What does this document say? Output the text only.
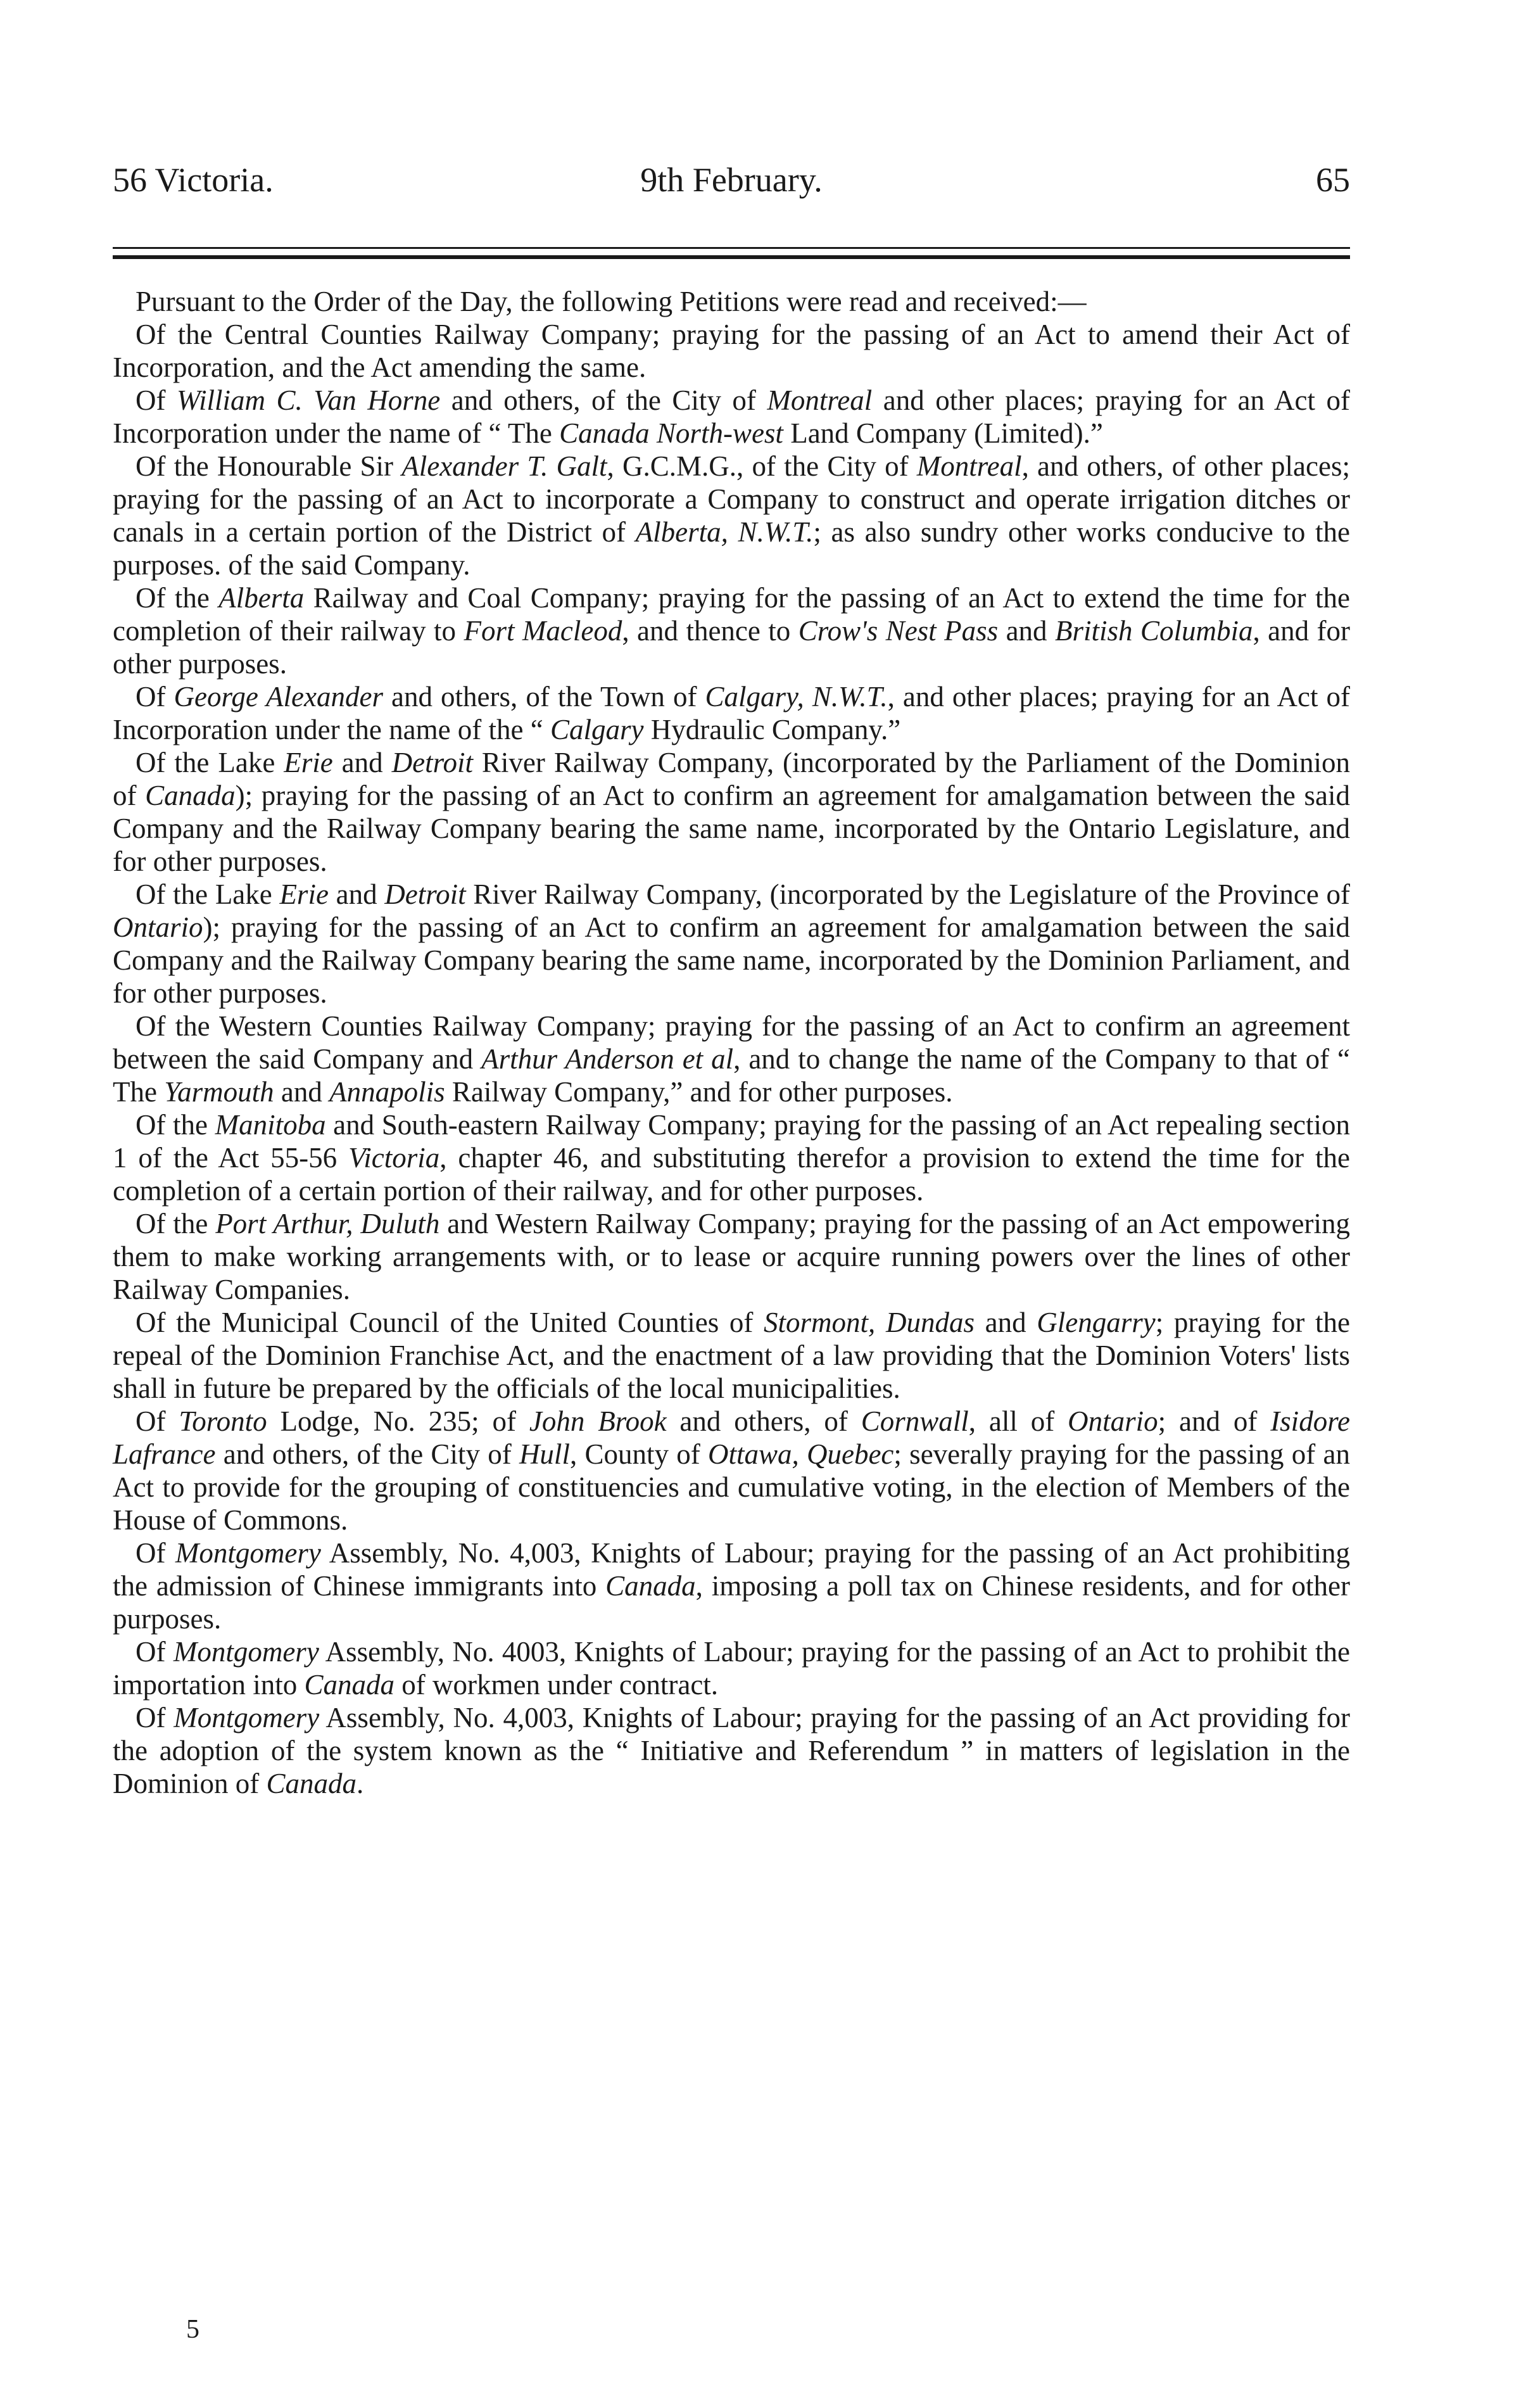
56 Victoria.	9th February.	65

Pursuant to the Order of the Day, the following Petitions were read and received:—

Of the Central Counties Railway Company; praying for the passing of an Act to amend their Act of Incorporation, and the Act amending the same.

Of William C. Van Horne and others, of the City of Montreal and other places; praying for an Act of Incorporation under the name of “ The Canada North-west Land Company (Limited).”

Of the Honourable Sir Alexander T. Galt, G.C.M.G., of the City of Montreal, and others, of other places; praying for the passing of an Act to incorporate a Company to construct and operate irrigation ditches or canals in a certain portion of the District of Alberta, N.W.T.; as also sundry other works conducive to the purposes. of the said Company.

Of the Alberta Railway and Coal Company; praying for the passing of an Act to extend the time for the completion of their railway to Fort Macleod, and thence to Crow's Nest Pass and British Columbia, and for other purposes.

Of George Alexander and others, of the Town of Calgary, N.W.T., and other places; praying for an Act of Incorporation under the name of the “ Calgary Hydraulic Company.”

Of the Lake Erie and Detroit River Railway Company, (incorporated by the Parliament of the Dominion of Canada); praying for the passing of an Act to confirm an agreement for amalgamation between the said Company and the Railway Company bearing the same name, incorporated by the Ontario Legislature, and for other purposes.

Of the Lake Erie and Detroit River Railway Company, (incorporated by the Legislature of the Province of Ontario); praying for the passing of an Act to confirm an agreement for amalgamation between the said Company and the Railway Company bearing the same name, incorporated by the Dominion Parliament, and for other purposes.

Of the Western Counties Railway Company; praying for the passing of an Act to confirm an agreement between the said Company and Arthur Anderson et al, and to change the name of the Company to that of “ The Yarmouth and Annapolis Railway Company,” and for other purposes.

Of the Manitoba and South-eastern Railway Company; praying for the passing of an Act repealing section 1 of the Act 55-56 Victoria, chapter 46, and substituting therefor a provision to extend the time for the completion of a certain portion of their railway, and for other purposes.

Of the Port Arthur, Duluth and Western Railway Company; praying for the passing of an Act empowering them to make working arrangements with, or to lease or acquire running powers over the lines of other Railway Companies.

Of the Municipal Council of the United Counties of Stormont, Dundas and Glengarry; praying for the repeal of the Dominion Franchise Act, and the enactment of a law providing that the Dominion Voters' lists shall in future be prepared by the officials of the local municipalities.

Of Toronto Lodge, No. 235; of John Brook and others, of Cornwall, all of Ontario; and of Isidore Lafrance and others, of the City of Hull, County of Ottawa, Quebec; severally praying for the passing of an Act to provide for the grouping of constituencies and cumulative voting, in the election of Members of the House of Commons.

Of Montgomery Assembly, No. 4,003, Knights of Labour; praying for the passing of an Act prohibiting the admission of Chinese immigrants into Canada, imposing a poll tax on Chinese residents, and for other purposes.

Of Montgomery Assembly, No. 4003, Knights of Labour; praying for the passing of an Act to prohibit the importation into Canada of workmen under contract.

Of Montgomery Assembly, No. 4,003, Knights of Labour; praying for the passing of an Act providing for the adoption of the system known as the “ Initiative and Referendum ” in matters of legislation in the Dominion of Canada.

5
